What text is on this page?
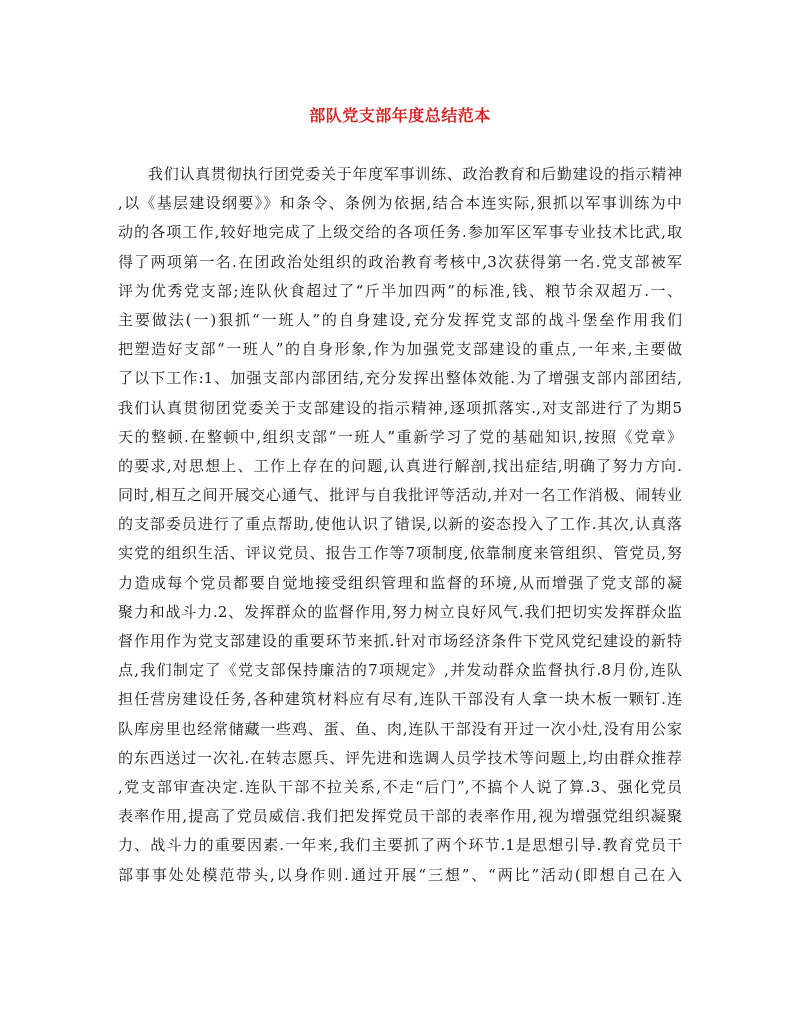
部队党支部年度总结范本
我们认真贯彻执行团党委关于年度军事训练、政治教育和后勤建设的指示精神
,以《基层建设纲要》》和条令、条例为依据,结合本连实际,狠抓以军事训练为中
动的各项工作,较好地完成了上级交给的各项任务.参加军区军事专业技术比武,取
得了两项第一名.在团政治处组织的政治教育考核中,3次获得第一名.党支部被军
评为优秀党支部;连队伙食超过了“斤半加四两”的标准,钱、粮节余双超万.一、
主要做法(一)狠抓“一班人”的自身建设,充分发挥党支部的战斗堡垒作用我们
把塑造好支部“一班人”的自身形象,作为加强党支部建设的重点,一年来,主要做
了以下工作:1、加强支部内部团结,充分发挥出整体效能.为了增强支部内部团结,
我们认真贯彻团党委关于支部建设的指示精神,逐项抓落实.,对支部进行了为期5
天的整顿.在整顿中,组织支部“一班人”重新学习了党的基础知识,按照《党章》
的要求,对思想上、工作上存在的问题,认真进行解剖,找出症结,明确了努力方向.
同时,相互之间开展交心通气、批评与自我批评等活动,并对一名工作消极、闹转业
的支部委员进行了重点帮助,使他认识了错误,以新的姿态投入了工作.其次,认真落
实党的组织生活、评议党员、报告工作等7项制度,依靠制度来管组织、管党员,努
力造成每个党员都要自觉地接受组织管理和监督的环境,从而增强了党支部的凝
聚力和战斗力.2、发挥群众的监督作用,努力树立良好风气.我们把切实发挥群众监
督作用作为党支部建设的重要环节来抓.针对市场经济条件下党风党纪建设的新特
点,我们制定了《党支部保持廉洁的7项规定》,并发动群众监督执行.8月份,连队
担任营房建设任务,各种建筑材料应有尽有,连队干部没有人拿一块木板一颗钉.连
队库房里也经常储藏一些鸡、蛋、鱼、肉,连队干部没有开过一次小灶,没有用公家
的东西送过一次礼.在转志愿兵、评先进和选调人员学技术等问题上,均由群众推荐
,党支部审查决定.连队干部不拉关系,不走“后门”,不搞个人说了算.3、强化党员
表率作用,提高了党员威信.我们把发挥党员干部的表率作用,视为增强党组织凝聚
力、战斗力的重要因素.一年来,我们主要抓了两个环节.1是思想引导.教育党员干
部事事处处模范带头,以身作则.通过开展“三想”、“两比”活动(即想自己在入
